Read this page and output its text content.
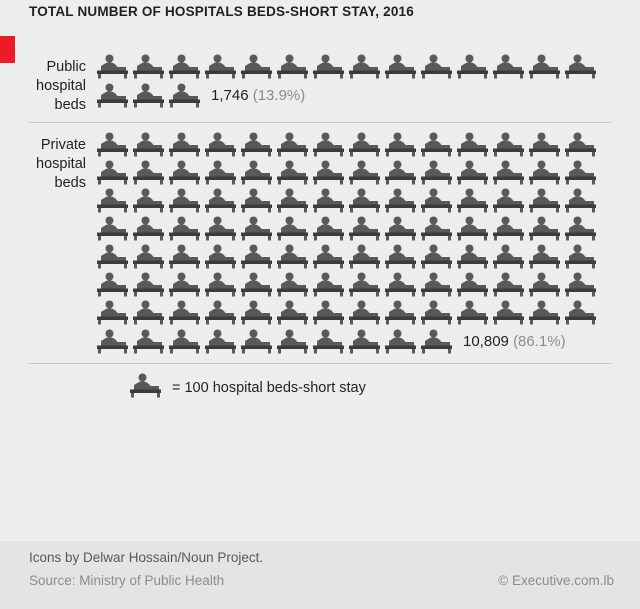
TOTAL NUMBER OF HOSPITALS BEDS-SHORT STAY, 2016
Public
hospital
beds
1,746 (13.9%)
Private
hospital
beds
10,809 (86.1%)
= 100 hospital beds-short stay
Icons by Delwar Hossain/Noun Project.
Source: Ministry of Public Health	© Executive.com.lb
